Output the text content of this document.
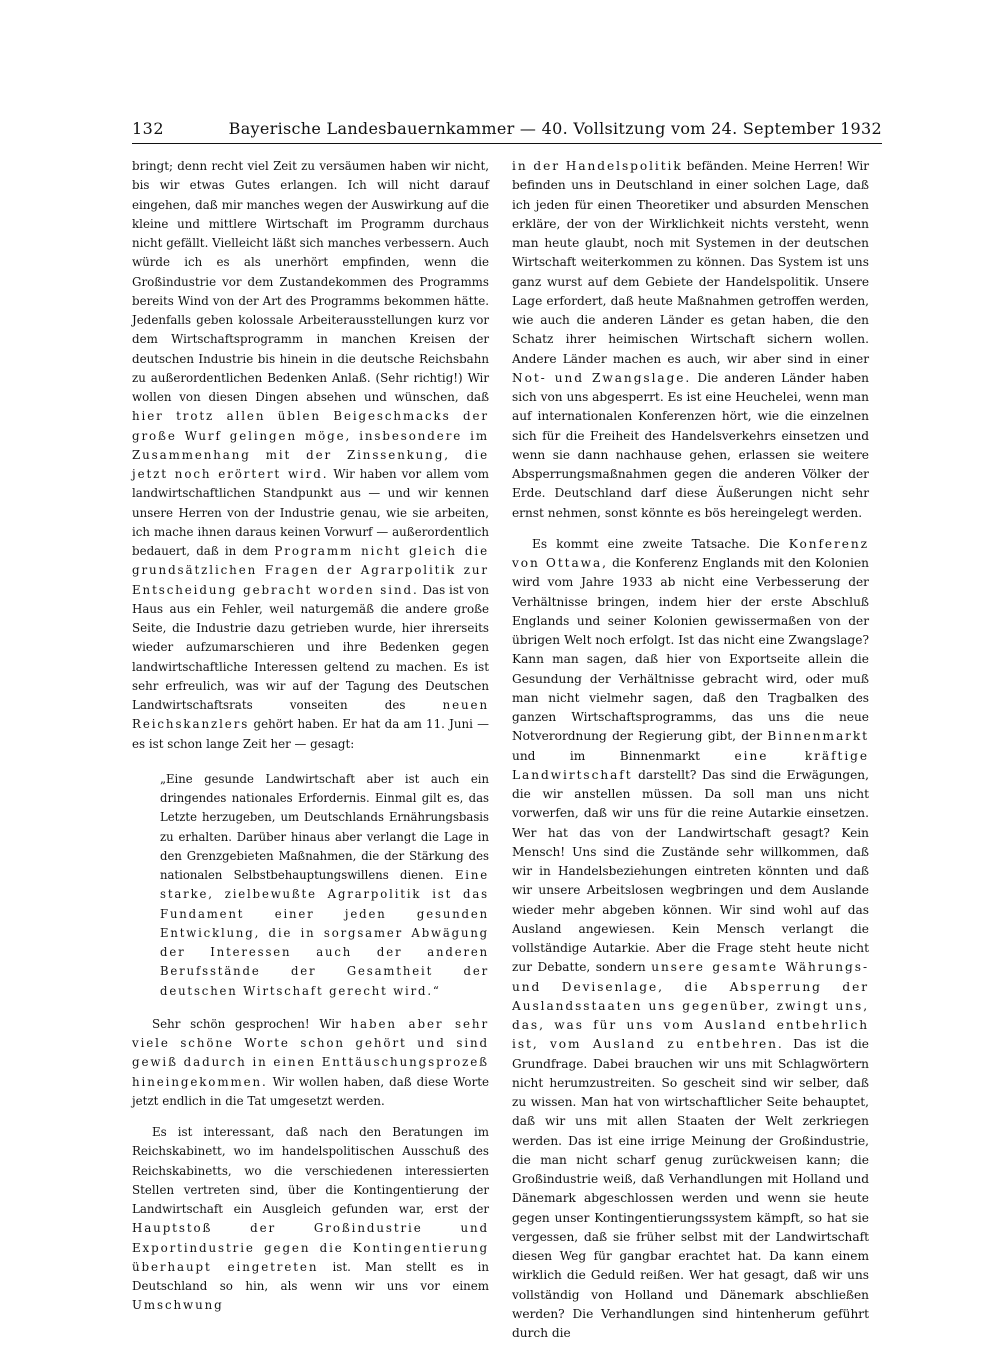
132	Bayerische Landesbauernkammer — 40. Vollsitzung vom 24. September 1932

bringt; denn recht viel Zeit zu versäumen haben wir nicht, bis wir etwas Gutes erlangen. Ich will nicht darauf eingehen, daß mir manches wegen der Auswirkung auf die kleine und mittlere Wirtschaft im Programm durchaus nicht gefällt. Vielleicht läßt sich manches verbessern. Auch würde ich es als unerhört empfinden, wenn die Großindustrie vor dem Zustandekommen des Programms bereits Wind von der Art des Programms bekommen hätte. Jedenfalls geben kolossale Arbeiterausstellungen kurz vor dem Wirtschaftsprogramm in manchen Kreisen der deutschen Industrie bis hinein in die deutsche Reichsbahn zu außerordentlichen Bedenken Anlaß. (Sehr richtig!) Wir wollen von diesen Dingen absehen und wünschen, daß hier trotz allen üblen Beigeschmacks der große Wurf gelingen möge, insbesondere im Zusammenhang mit der Zinssenkung, die jetzt noch erörtert wird. Wir haben vor allem vom landwirtschaftlichen Standpunkt aus — und wir kennen unsere Herren von der Industrie genau, wie sie arbeiten, ich mache ihnen daraus keinen Vorwurf — außerordentlich bedauert, daß in dem Programm nicht gleich die grundsätzlichen Fragen der Agrarpolitik zur Entscheidung gebracht worden sind. Das ist von Haus aus ein Fehler, weil naturgemäß die andere große Seite, die Industrie dazu getrieben wurde, hier ihrerseits wieder aufzumarschieren und ihre Bedenken gegen landwirtschaftliche Interessen geltend zu machen. Es ist sehr erfreulich, was wir auf der Tagung des Deutschen Landwirtschaftsrats vonseiten des	neuen Reichskanzlers gehört haben. Er hat da am 11. Juni — es ist schon lange Zeit her — gesagt:

„Eine gesunde Landwirtschaft aber ist auch ein dringendes nationales Erfordernis. Einmal gilt es, das Letzte herzugeben, um Deutschlands Ernährungsbasis zu erhalten. Darüber hinaus aber verlangt die Lage in den Grenzgebieten Maßnahmen, die der Stärkung des nationalen Selbstbehauptungswillens dienen. Eine starke, zielbewußte Agrarpolitik ist das Fundament einer jeden gesunden Entwicklung, die in sorgsamer Abwägung der Interessen auch der anderen Berufsstände der Gesamtheit der deutschen Wirtschaft gerecht wird.“

Sehr schön gesprochen! Wir haben aber sehr viele schöne Worte schon gehört und sind gewiß dadurch in einen Enttäuschungsprozeß hineingekommen. Wir wollen haben, daß diese Worte jetzt endlich in die Tat umgesetzt werden.

Es ist interessant, daß nach den Beratungen im Reichskabinett, wo im handelspolitischen Ausschuß des Reichskabinetts, wo die verschiedenen interessierten Stellen vertreten sind, über die Kontingentierung der Landwirtschaft ein Ausgleich gefunden war, erst der Hauptstoß der Großindustrie und Exportindustrie gegen die Kontingentierung überhaupt eingetreten ist. Man stellt es in Deutschland so hin, als wenn wir uns vor einem Umschwung

in der Handelspolitik befänden. Meine Herren! Wir befinden uns in Deutschland in einer solchen Lage, daß ich jeden für einen Theoretiker und absurden Menschen erkläre, der von der Wirklichkeit nichts versteht, wenn man heute glaubt, noch mit Systemen in der deutschen Wirtschaft weiterkommen zu können. Das System ist uns ganz wurst auf dem Gebiete der Handelspolitik. Unsere Lage erfordert, daß heute Maßnahmen getroffen werden, wie auch die anderen Länder es getan haben, die den Schatz ihrer heimischen Wirtschaft sichern wollen. Andere Länder machen es auch, wir aber sind in einer Not- und Zwangslage. Die anderen Länder haben sich von uns abgesperrt. Es ist eine Heuchelei, wenn man auf internationalen Konferenzen hört, wie die einzelnen sich für die Freiheit des Handelsverkehrs einsetzen und wenn sie dann nachhause gehen, erlassen sie weitere Absperrungsmaßnahmen gegen die anderen Völker der Erde. Deutschland darf diese Äußerungen nicht sehr ernst nehmen, sonst könnte es bös hereingelegt werden.

Es kommt eine zweite Tatsache. Die Konferenz von Ottawa, die Konferenz Englands mit den Kolonien wird vom Jahre 1933 ab nicht eine Verbesserung der Verhältnisse bringen, indem hier der erste Abschluß Englands und seiner Kolonien gewissermaßen von der übrigen Welt noch erfolgt. Ist das nicht eine Zwangslage? Kann man sagen, daß hier von Exportseite allein die Gesundung der Verhältnisse gebracht wird, oder muß man nicht vielmehr sagen, daß den Tragbalken des ganzen Wirtschaftsprogramms, das uns die neue Notverordnung der Regierung gibt, der Binnenmarkt und im Binnenmarkt	eine kräftige Landwirtschaft darstellt? Das sind die Erwägungen, die wir anstellen müssen. Da soll man uns nicht vorwerfen, daß wir uns für die reine Autarkie einsetzen. Wer hat das von der Landwirtschaft gesagt? Kein Mensch! Uns sind die Zustände sehr willkommen, daß wir in Handelsbeziehungen eintreten könnten und daß wir unsere Arbeitslosen wegbringen und dem Auslande wieder mehr abgeben können. Wir sind wohl auf das Ausland angewiesen. Kein Mensch verlangt die vollständige Autarkie. Aber die Frage steht heute nicht zur Debatte, sondern unsere gesamte Währungs- und Devisenlage, die Absperrung der Auslandsstaaten uns gegenüber, zwingt uns, das, was für uns vom Ausland entbehrlich ist, vom Ausland zu entbehren. Das ist die Grundfrage. Dabei brauchen wir uns mit Schlagwörtern nicht herumzustreiten. So gescheit sind wir selber, daß zu wissen. Man hat von wirtschaftlicher Seite behauptet, daß wir uns mit allen Staaten der Welt zerkriegen werden. Das ist eine irrige Meinung der Großindustrie, die man nicht scharf genug zurückweisen kann; die Großindustrie weiß, daß Verhandlungen mit Holland und Dänemark abgeschlossen werden und wenn sie heute gegen unser Kontingentierungssystem kämpft, so hat sie vergessen, daß sie früher selbst mit der Landwirtschaft diesen Weg für gangbar erachtet hat. Da kann einem wirklich die Geduld reißen. Wer hat gesagt, daß wir uns vollständig von Holland und Dänemark abschließen werden? Die Verhandlungen sind hintenherum geführt durch die
